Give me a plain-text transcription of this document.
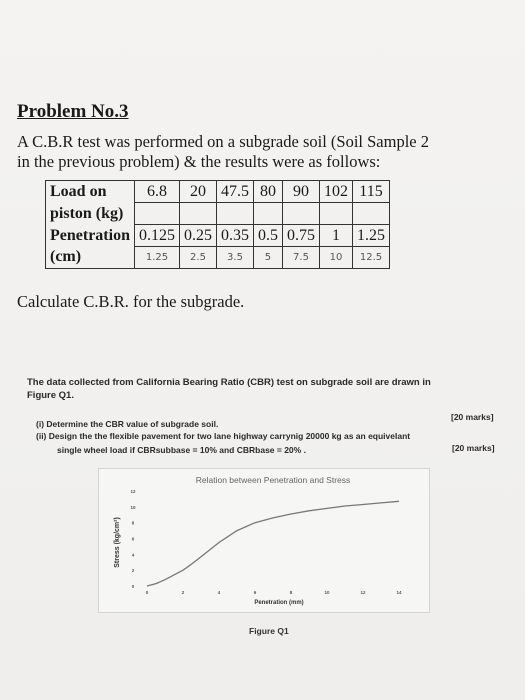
Problem No.3
A C.B.R test was performed on a subgrade soil (Soil Sample 2
in the previous problem) & the results were as follows:
Load on	6.8	20	47.5	80	90	102	115
piston (kg)							
Penetration	0.125	0.25	0.35	0.5	0.75	1	1.25
(cm)	1.25	2.5	3.5	5	7.5	10	12.5
Calculate C.B.R. for the subgrade.
The data collected from California Bearing Ratio (CBR) test on subgrade soil are drawn in
Figure Q1.
(i) Determine the CBR value of subgrade soil.
[20 marks]
(ii) Design the the flexible pavement for two lane highway carrynig 20000 kg as an equivelant
single wheel load if CBRsubbase = 10% and CBRbase = 20% .	[20 marks]
Relation between Penetration and Stress
0
2
4
6
8
10
12
0	2	4	6	8	10	12	14
Stress (kg/cm²)
Penetration (mm)
Figure Q1
